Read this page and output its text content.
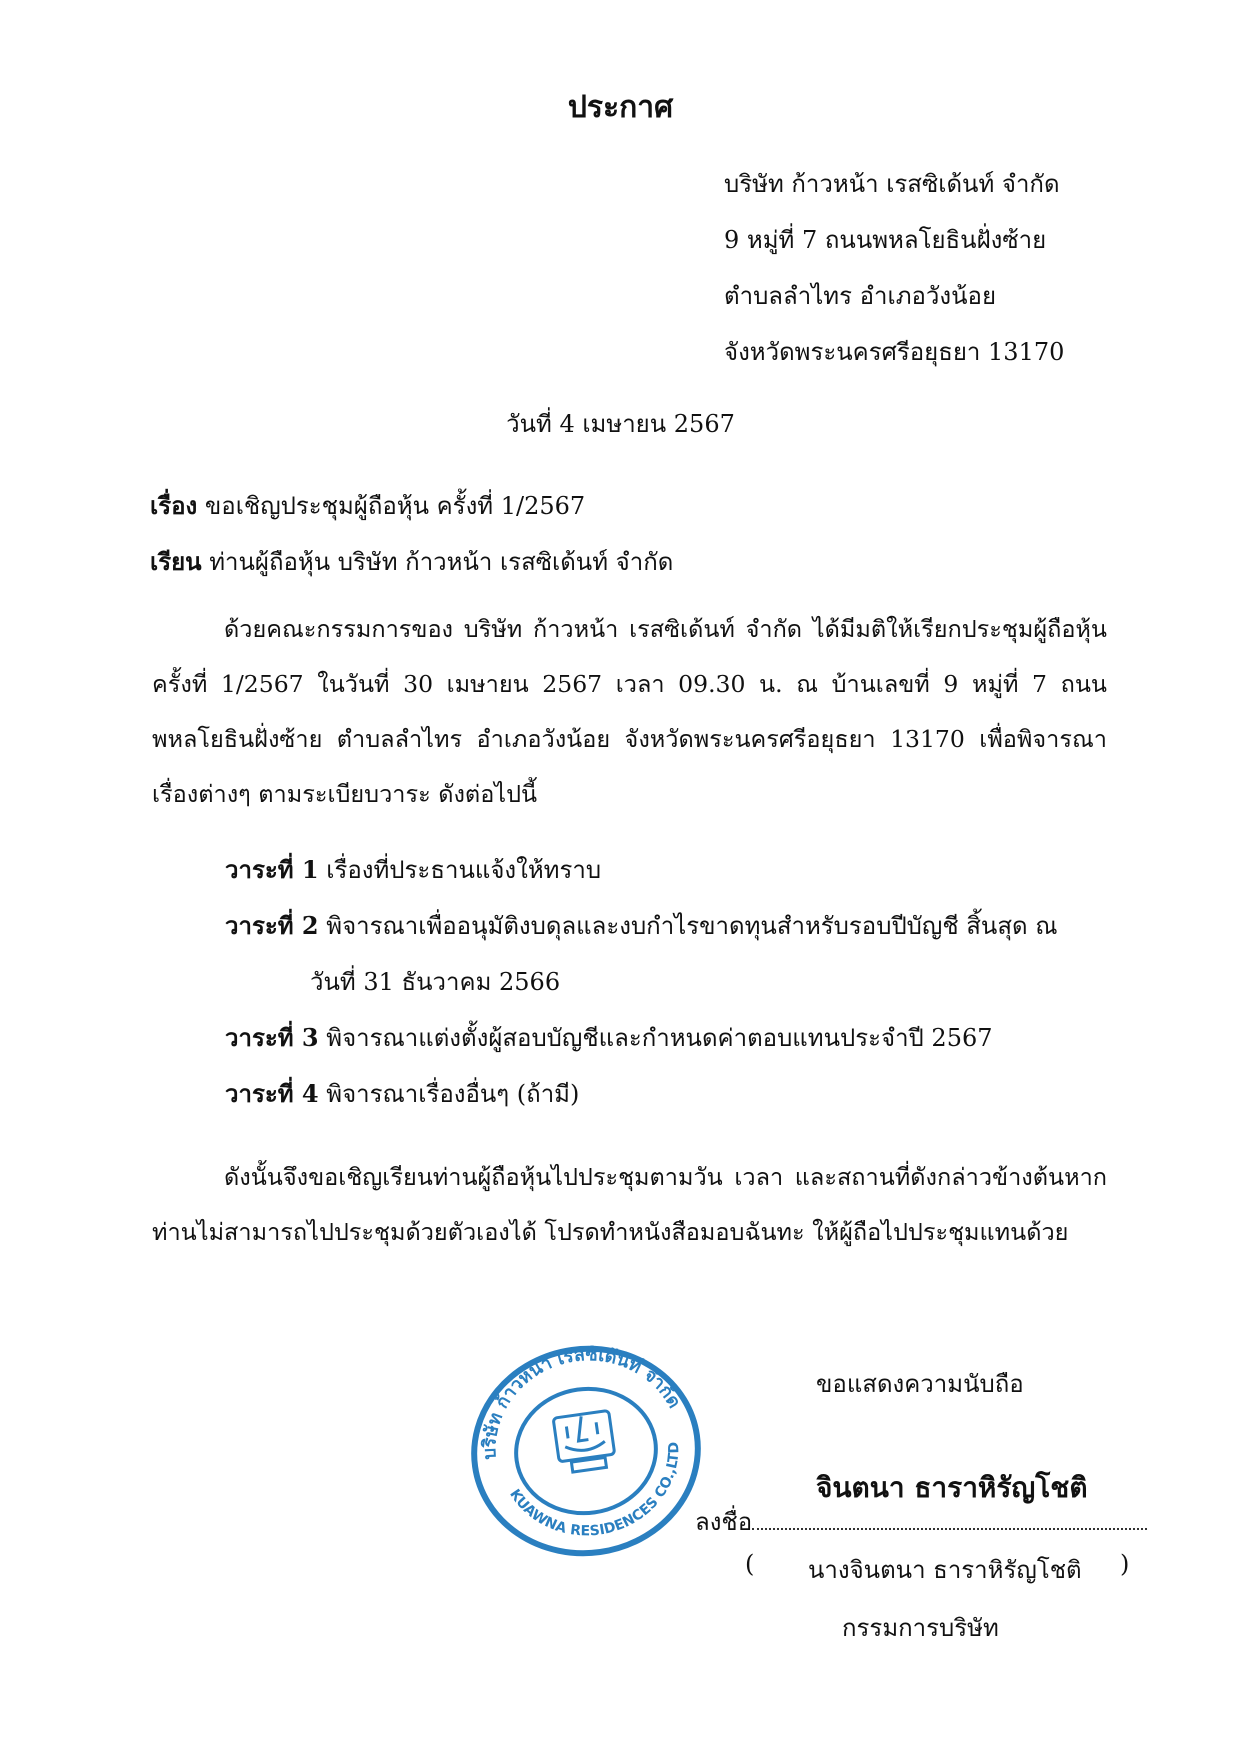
ประกาศ
บริษัท ก้าวหน้า เรสซิเด้นท์ จำกัด
9 หมู่ที่ 7 ถนนพหลโยธินฝั่งซ้าย
ตำบลลำไทร อำเภอวังน้อย
จังหวัดพระนครศรีอยุธยา 13170
วันที่ 4 เมษายน 2567
เรื่อง ขอเชิญประชุมผู้ถือหุ้น ครั้งที่ 1/2567
เรียน ท่านผู้ถือหุ้น บริษัท ก้าวหน้า เรสซิเด้นท์ จำกัด
ด้วยคณะกรรมการของ บริษัท ก้าวหน้า เรสซิเด้นท์ จำกัด ได้มีมติให้เรียกประชุมผู้ถือหุ้น ครั้งที่ 1/2567 ในวันที่ 30 เมษายน 2567 เวลา 09.30 น. ณ บ้านเลขที่ 9 หมู่ที่ 7 ถนนพหลโยธินฝั่งซ้าย ตำบลลำไทร อำเภอวังน้อย จังหวัดพระนครศรีอยุธยา 13170 เพื่อพิจารณาเรื่องต่างๆ ตามระเบียบวาระ ดังต่อไปนี้
วาระที่ 1 เรื่องที่ประธานแจ้งให้ทราบ
วาระที่ 2 พิจารณาเพื่ออนุมัติงบดุลและงบกำไรขาดทุนสำหรับรอบปีบัญชี สิ้นสุด ณ
วันที่ 31 ธันวาคม 2566
วาระที่ 3 พิจารณาแต่งตั้งผู้สอบบัญชีและกำหนดค่าตอบแทนประจำปี 2567
วาระที่ 4 พิจารณาเรื่องอื่นๆ (ถ้ามี)
ดังนั้นจึงขอเชิญเรียนท่านผู้ถือหุ้นไปประชุมตามวัน เวลา และสถานที่ดังกล่าวข้างต้นหาก ท่านไม่สามารถไปประชุมด้วยตัวเองได้ โปรดทำหนังสือมอบฉันทะ ให้ผู้ถือไปประชุมแทนด้วย
ขอแสดงความนับถือ
บริษัท ก้าวหน้า เรสซิเด้นท์ จำกัด
KUAWNA RESIDENCES CO.,LTD.
จินตนา ธาราหิรัญโชติ
ลงชื่อ
( นางจินตนา ธาราหิรัญโชติ )
กรรมการบริษัท
